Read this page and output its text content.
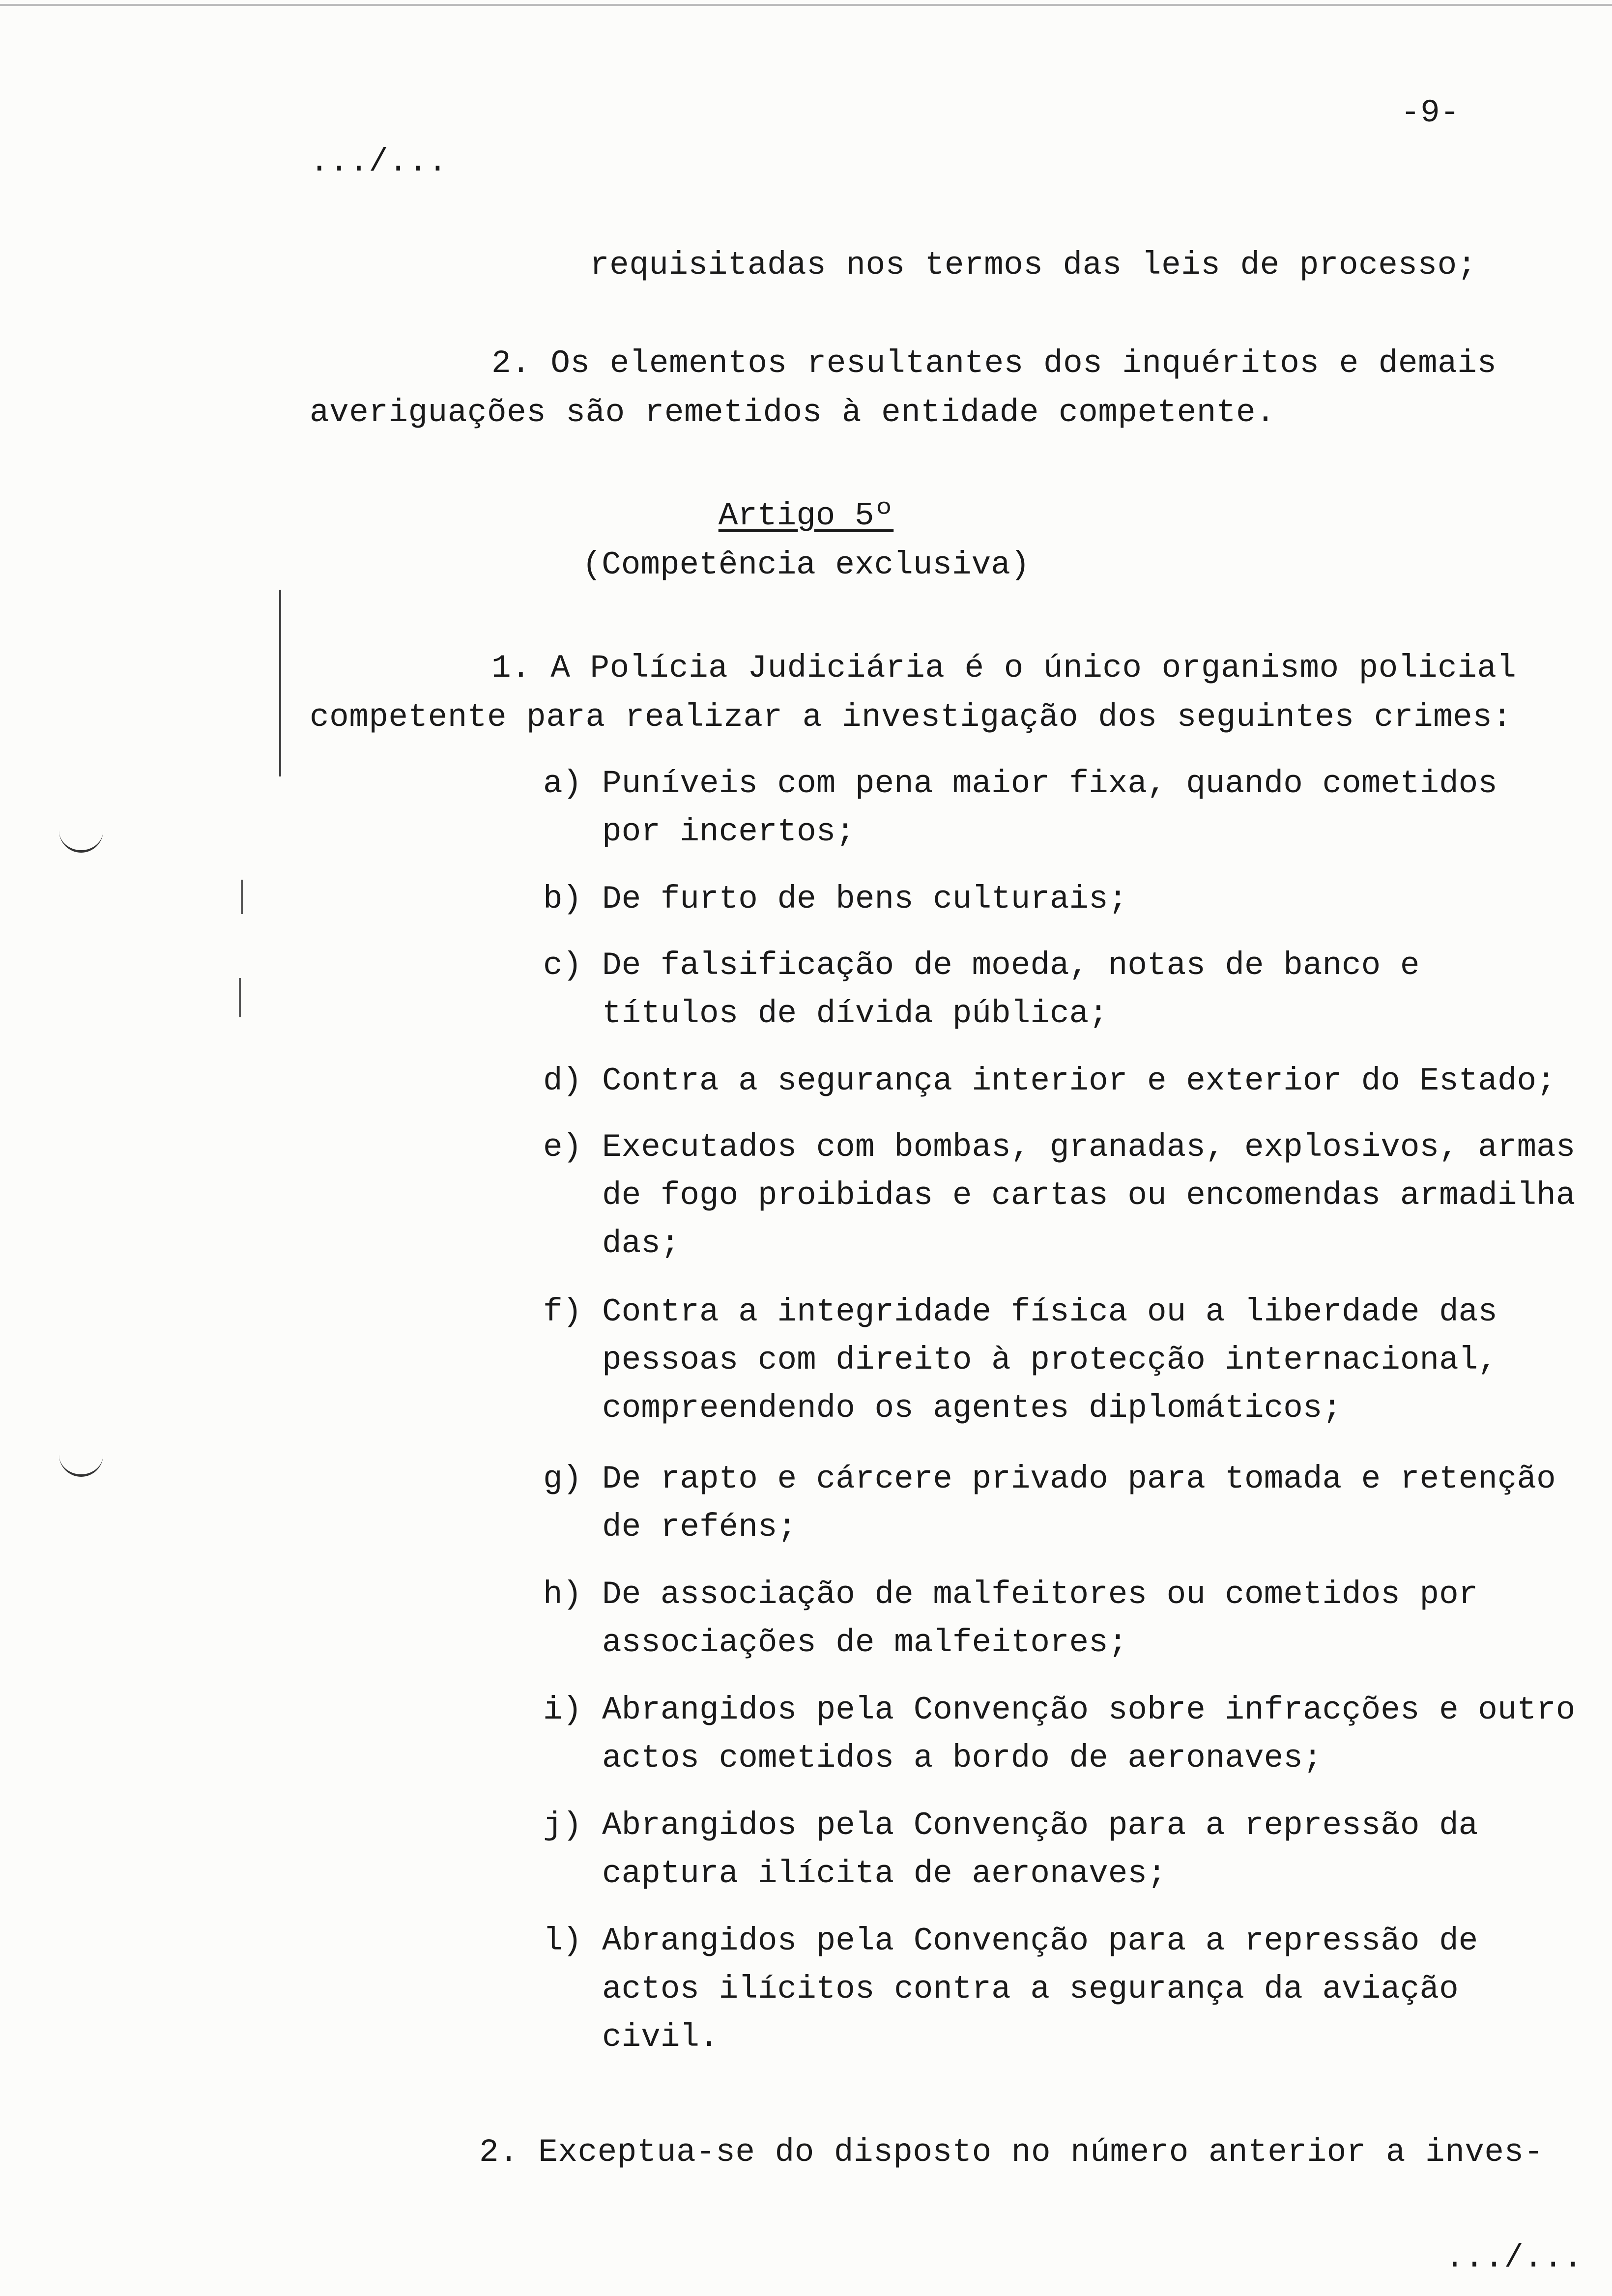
-9-
.../...
requisitadas nos termos das leis de processo;
2. Os elementos resultantes dos inquéritos e demais
averiguações são remetidos à entidade competente.
Artigo 5º
(Competência exclusiva)
1. A Polícia Judiciária é o único organismo policial
competente para realizar a investigação dos seguintes crimes:
a) Puníveis com pena maior fixa, quando cometidos
por incertos;
b) De furto de bens culturais;
c) De falsificação de moeda, notas de banco e
títulos de dívida pública;
d) Contra a segurança interior e exterior do Estado;
e) Executados com bombas, granadas, explosivos, armas
de fogo proibidas e cartas ou encomendas armadilha
das;
f) Contra a integridade física ou a liberdade das
pessoas com direito à protecção internacional,
compreendendo os agentes diplomáticos;
g) De rapto e cárcere privado para tomada e retenção
de reféns;
h) De associação de malfeitores ou cometidos por
associações de malfeitores;
i) Abrangidos pela Convenção sobre infracções e outro
actos cometidos a bordo de aeronaves;
j) Abrangidos pela Convenção para a repressão da
captura ilícita de aeronaves;
l) Abrangidos pela Convenção para a repressão de
actos ilícitos contra a segurança da aviação
civil.
2. Exceptua-se do disposto no número anterior a inves-
.../...
